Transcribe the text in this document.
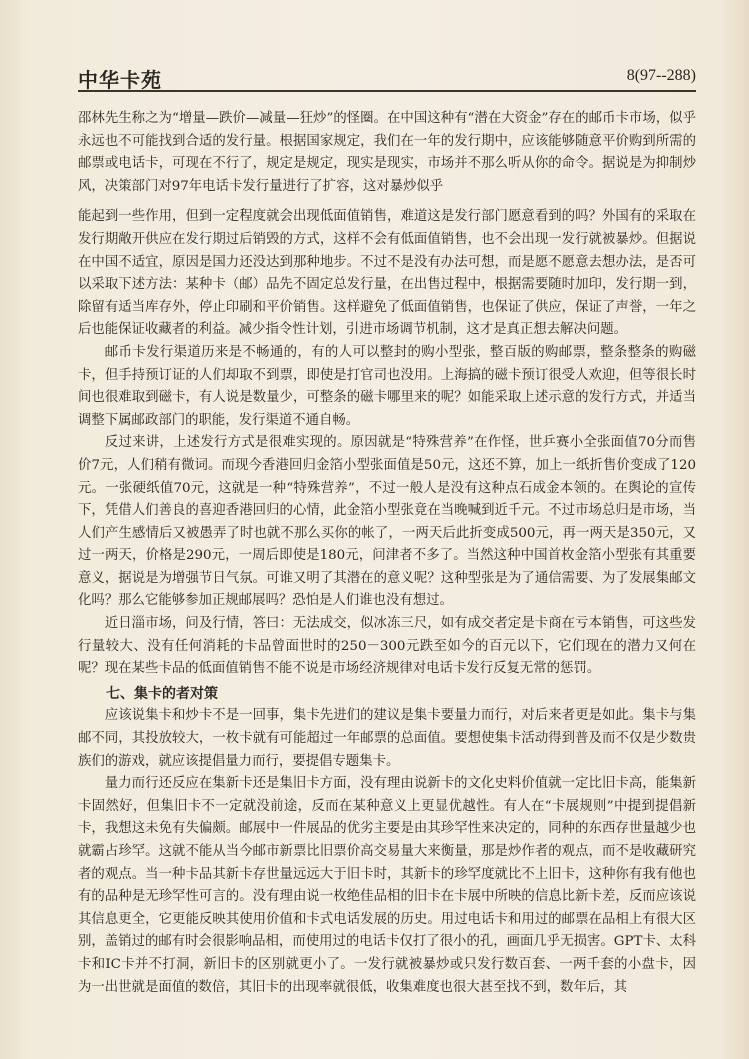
中华卡苑	8(97--288)

邵林先生称之为“增量—跌价—减量—狂炒”的怪圈。在中国这种有“潜在大资金”存在的邮币卡市场，似乎永远也不可能找到合适的发行量。根据国家规定，我们在一年的发行期中，应该能够随意平价购到所需的邮票或电话卡，可现在不行了，规定是规定，现实是现实，市场并不那么听从你的命令。据说是为抑制炒风，决策部门对97年电话卡发行量进行了扩容，这对暴炒似乎

能起到一些作用，但到一定程度就会出现低面值销售，难道这是发行部门愿意看到的吗？外国有的采取在发行期敞开供应在发行期过后销毁的方式，这样不会有低面值销售，也不会出现一发行就被暴炒。但据说在中国不适宜，原因是国力还没达到那种地步。不过不是没有办法可想，而是愿不愿意去想办法，是否可以采取下述方法：某种卡（邮）品先不固定总发行量，在出售过程中，根据需要随时加印，发行期一到，除留有适当库存外，停止印刷和平价销售。这样避免了低面值销售，也保证了供应，保证了声誉，一年之后也能保证收藏者的利益。减少指令性计划，引进市场调节机制，这才是真正想去解决问题。

邮币卡发行渠道历来是不畅通的，有的人可以整封的购小型张，整百版的购邮票，整条整条的购磁卡，但手持预订证的人们却取不到票，即使是打官司也没用。上海搞的磁卡预订很受人欢迎，但等很长时间也很难取到磁卡，有人说是数量少，可整条的磁卡哪里来的呢？如能采取上述示意的发行方式，并适当调整下属邮政部门的职能，发行渠道不通自畅。

反过来讲，上述发行方式是很难实现的。原因就是“特殊营养”在作怪，世乒赛小全张面值70分而售价7元，人们稍有微词。而现今香港回归金箔小型张面值是50元，这还不算，加上一纸折售价变成了120元。一张硬纸值70元，这就是一种“特殊营养”，不过一般人是没有这种点石成金本领的。在舆论的宣传下，凭借人们善良的喜迎香港回归的心情，此金箔小型张竟在当晚喊到近千元。不过市场总归是市场，当人们产生感情后又被愚弄了时也就不那么买你的帐了，一两天后此折变成500元，再一两天是350元，又过一两天，价格是290元，一周后即使是180元，问津者不多了。当然这种中国首枚金箔小型张有其重要意义，据说是为增强节日气氛。可谁又明了其潜在的意义呢？这种型张是为了通信需要、为了发展集邮文化吗？那么它能够参加正规邮展吗？恐怕是人们谁也没有想过。

近日淄市场，问及行情，答曰：无法成交，似冰冻三尺，如有成交者定是卡商在亏本销售，可这些发行量较大、没有任何消耗的卡品曾面世时的250－300元跌至如今的百元以下，它们现在的潜力又何在呢？现在某些卡品的低面值销售不能不说是市场经济规律对电话卡发行反复无常的惩罚。

七、集卡的者对策

应该说集卡和炒卡不是一回事，集卡先进们的建议是集卡要量力而行，对后来者更是如此。集卡与集邮不同，其投放较大，一枚卡就有可能超过一年邮票的总面值。要想使集卡活动得到普及而不仅是少数贵族们的游戏，就应该提倡量力而行，要提倡专题集卡。

量力而行还反应在集新卡还是集旧卡方面，没有理由说新卡的文化史料价值就一定比旧卡高，能集新卡固然好，但集旧卡不一定就没前途，反而在某种意义上更显优越性。有人在“卡展规则”中提到提倡新卡，我想这未免有失偏颇。邮展中一件展品的优劣主要是由其珍罕性来决定的，同种的东西存世量越少也就霸占珍罕。这就不能从当今邮市新票比旧票价高交易量大来衡量，那是炒作者的观点，而不是收藏研究者的观点。当一种卡品其新卡存世量远远大于旧卡时，其新卡的珍罕度就比不上旧卡，这种你有我有他也有的品种是无珍罕性可言的。没有理由说一枚绝佳品相的旧卡在卡展中所映的信息比新卡差，反而应该说其信息更全，它更能反映其使用价值和卡式电话发展的历史。用过电话卡和用过的邮票在品相上有很大区别，盖销过的邮有时会很影响品相，而使用过的电话卡仅打了很小的孔，画面几乎无损害。GPT卡、太科卡和IC卡并不打洞，新旧卡的区别就更小了。一发行就被暴炒或只发行数百套、一两千套的小盘卡，因为一出世就是面值的数倍，其旧卡的出现率就很低，收集难度也很大甚至找不到，数年后，其
